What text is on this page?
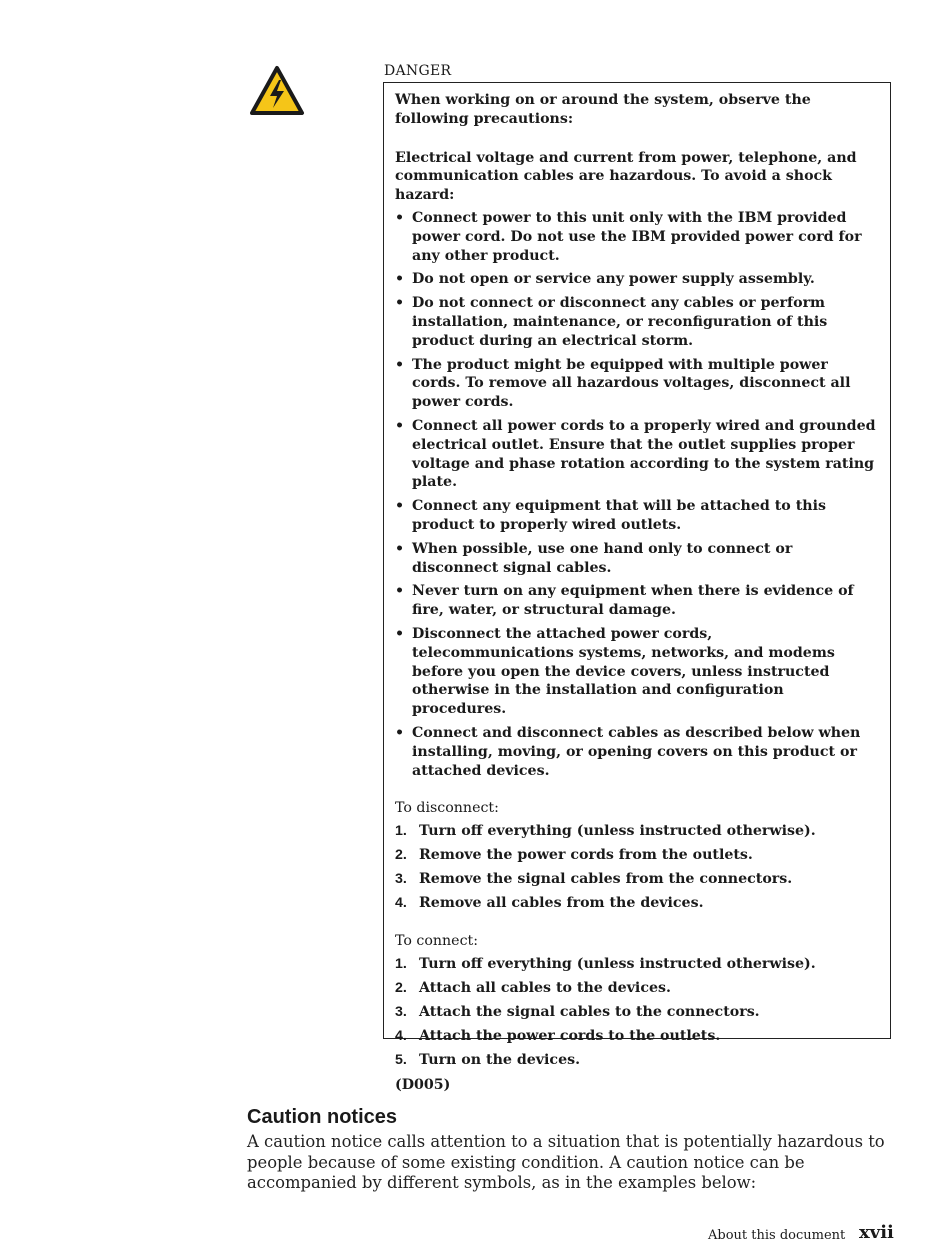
DANGER

When working on or around the system, observe the following precautions:

Electrical voltage and current from power, telephone, and communication cables are hazardous. To avoid a shock hazard:

• Connect power to this unit only with the IBM provided power cord. Do not use the IBM provided power cord for any other product.
• Do not open or service any power supply assembly.
• Do not connect or disconnect any cables or perform installation, maintenance, or reconfiguration of this product during an electrical storm.
• The product might be equipped with multiple power cords. To remove all hazardous voltages, disconnect all power cords.
• Connect all power cords to a properly wired and grounded electrical outlet. Ensure that the outlet supplies proper voltage and phase rotation according to the system rating plate.
• Connect any equipment that will be attached to this product to properly wired outlets.
• When possible, use one hand only to connect or disconnect signal cables.
• Never turn on any equipment when there is evidence of fire, water, or structural damage.
• Disconnect the attached power cords, telecommunications systems, networks, and modems before you open the device covers, unless instructed otherwise in the installation and configuration procedures.
• Connect and disconnect cables as described below when installing, moving, or opening covers on this product or attached devices.

To disconnect:

1. Turn off everything (unless instructed otherwise).
2. Remove the power cords from the outlets.
3. Remove the signal cables from the connectors.
4. Remove all cables from the devices.

To connect:

1. Turn off everything (unless instructed otherwise).
2. Attach all cables to the devices.
3. Attach the signal cables to the connectors.
4. Attach the power cords to the outlets.
5. Turn on the devices.

(D005)

Caution notices

A caution notice calls attention to a situation that is potentially hazardous to people because of some existing condition. A caution notice can be accompanied by different symbols, as in the examples below:

About this document xvii
